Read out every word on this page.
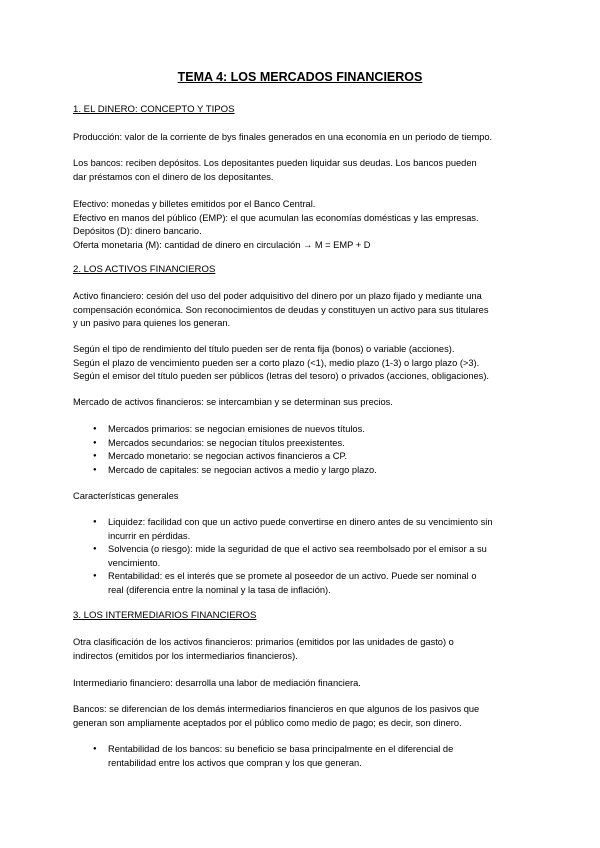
TEMA 4: LOS MERCADOS FINANCIEROS
1. EL DINERO: CONCEPTO Y TIPOS
Producción: valor de la corriente de bys finales generados en una economía en un periodo de tiempo.
Los bancos: reciben depósitos. Los depositantes pueden liquidar sus deudas. Los bancos pueden
dar préstamos con el dinero de los depositantes.
Efectivo: monedas y billetes emitidos por el Banco Central.
Efectivo en manos del público (EMP): el que acumulan las economías domésticas y las empresas.
Depósitos (D): dinero bancario.
Oferta monetaria (M): cantidad de dinero en circulación → M = EMP + D
2. LOS ACTIVOS FINANCIEROS
Activo financiero: cesión del uso del poder adquisitivo del dinero por un plazo fijado y mediante una
compensación económica. Son reconocimientos de deudas y constituyen un activo para sus titulares
y un pasivo para quienes los generan.
Según el tipo de rendimiento del título pueden ser de renta fija (bonos) o variable (acciones).
Según el plazo de vencimiento pueden ser a corto plazo (<1), medio plazo (1-3) o largo plazo (>3).
Según el emisor del título pueden ser públicos (letras del tesoro) o privados (acciones, obligaciones).
Mercado de activos financieros: se intercambian y se determinan sus precios.
● Mercados primarios: se negocian emisiones de nuevos títulos.
● Mercados secundarios: se negocian títulos preexistentes.
● Mercado monetario: se negocian activos financieros a CP.
● Mercado de capitales: se negocian activos a medio y largo plazo.
Características generales
● Liquidez: facilidad con que un activo puede convertirse en dinero antes de su vencimiento sin
incurrir en pérdidas.
● Solvencia (o riesgo): mide la seguridad de que el activo sea reembolsado por el emisor a su
vencimiento.
● Rentabilidad: es el interés que se promete al poseedor de un activo. Puede ser nominal o
real (diferencia entre la nominal y la tasa de inflación).
3. LOS INTERMEDIARIOS FINANCIEROS
Otra clasificación de los activos financieros: primarios (emitidos por las unidades de gasto) o
indirectos (emitidos por los intermediarios financieros).
Intermediario financiero: desarrolla una labor de mediación financiera.
Bancos: se diferencian de los demás intermediarios financieros en que algunos de los pasivos que
generan son ampliamente aceptados por el público como medio de pago; es decir, son dinero.
● Rentabilidad de los bancos: su beneficio se basa principalmente en el diferencial de
rentabilidad entre los activos que compran y los que generan.
